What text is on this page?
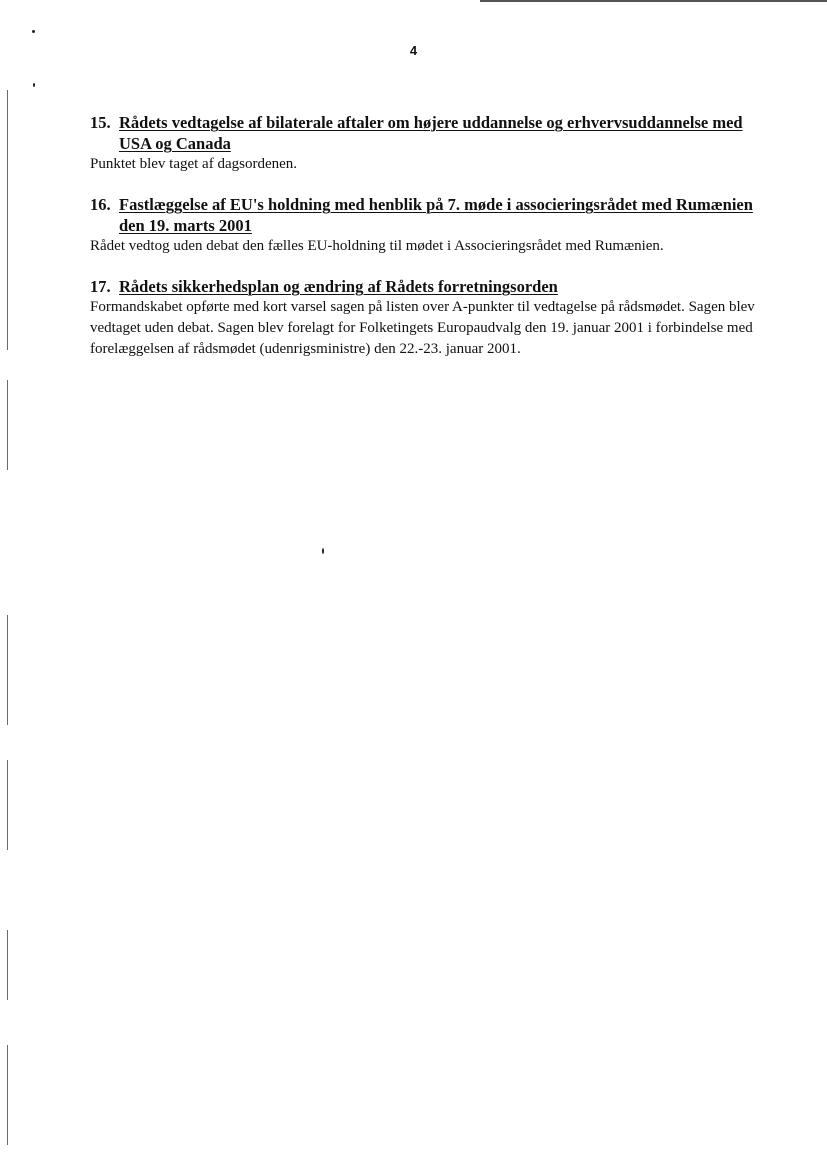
4

15. Rådets vedtagelse af bilaterale aftaler om højere uddannelse og erhvervsuddannelse med USA og Canada

Punktet blev taget af dagsordenen.

16. Fastlæggelse af EU's holdning med henblik på 7. møde i associeringsrådet med Rumænien den 19. marts 2001

Rådet vedtog uden debat den fælles EU-holdning til mødet i Associeringsrådet med Rumænien.

17. Rådets sikkerhedsplan og ændring af Rådets forretningsorden

Formandskabet opførte med kort varsel sagen på listen over A-punkter til vedtagelse på rådsmødet. Sagen blev vedtaget uden debat. Sagen blev forelagt for Folketingets Europaudvalg den 19. januar 2001 i forbindelse med forelæggelsen af rådsmødet (udenrigsministre) den 22.-23. januar 2001.
